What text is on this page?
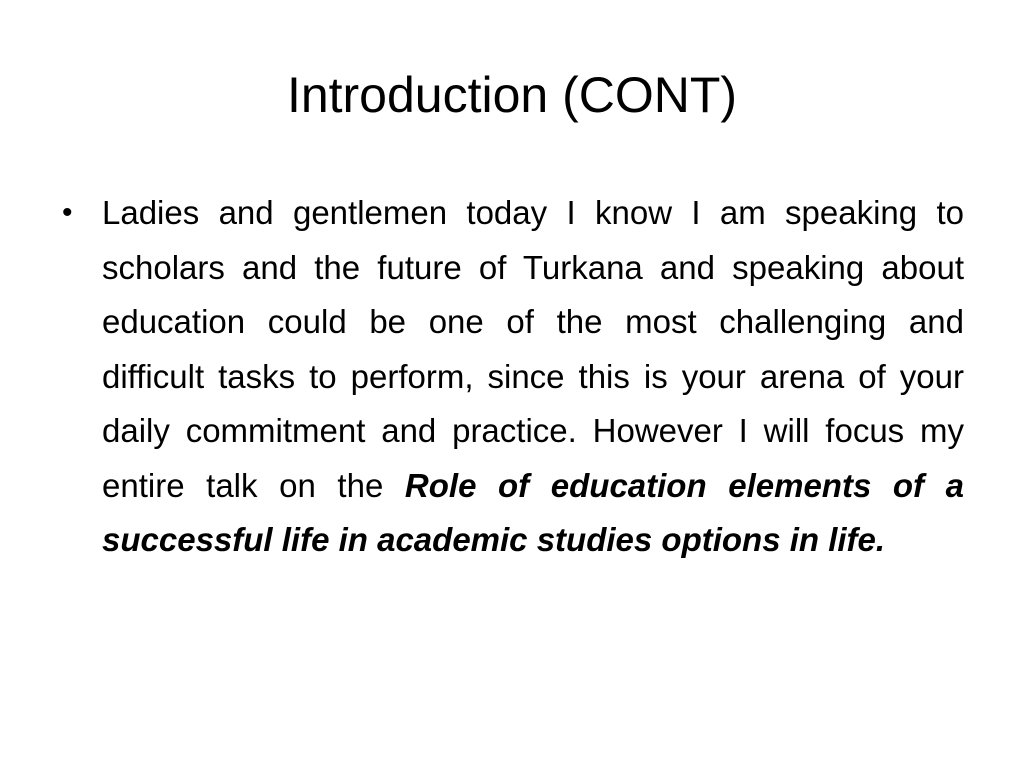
Introduction (CONT)
• Ladies and gentlemen today I know I am speaking to scholars and the future of Turkana and speaking about education could be one of the most challenging and difficult tasks to perform, since this is your arena of your daily commitment and practice. However I will focus my entire talk on the Role of education elements of a successful life in academic studies options in life.
